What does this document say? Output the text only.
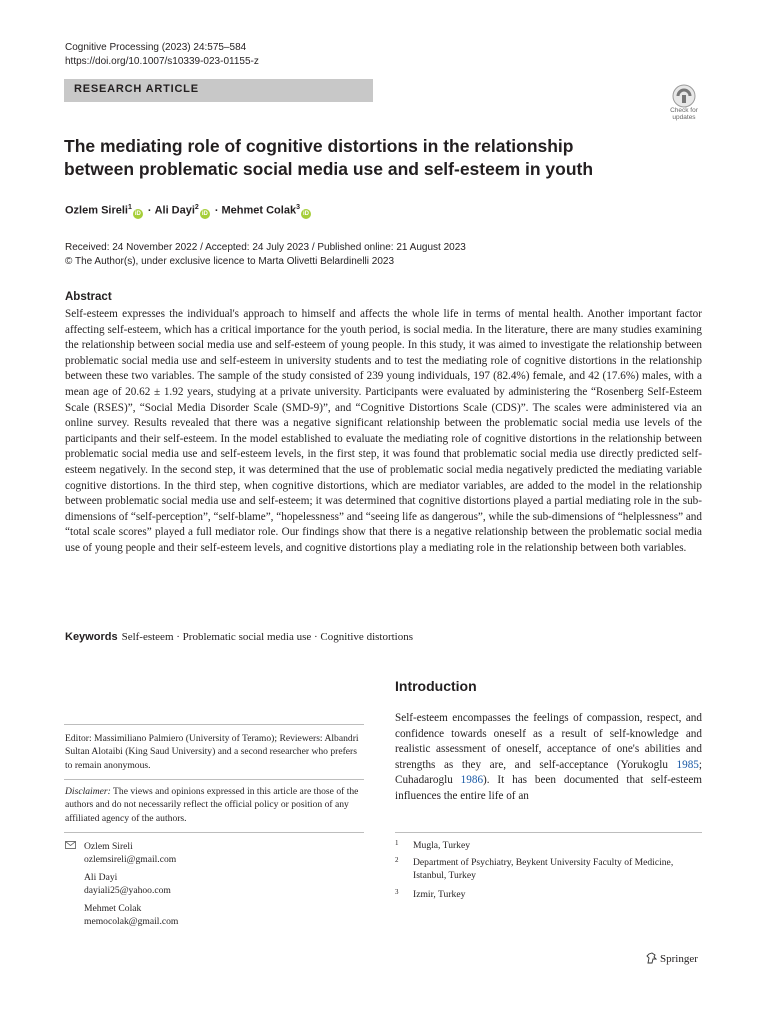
Cognitive Processing (2023) 24:575–584
https://doi.org/10.1007/s10339-023-01155-z
RESEARCH ARTICLE
Check for
updates
The mediating role of cognitive distortions in the relationship
between problematic social media use and self-esteem in youth
Ozlem Sireli$^1$iD · Ali Dayi$^2$iD · Mehmet Colak$^3$iD
Received: 24 November 2022 / Accepted: 24 July 2023 / Published online: 21 August 2023
© The Author(s), under exclusive licence to Marta Olivetti Belardinelli 2023
Abstract
Self-esteem expresses the individual's approach to himself and affects the whole life in terms of mental health. Another important factor affecting self-esteem, which has a critical importance for the youth period, is social media. In the literature, there are many studies examining the relationship between social media use and self-esteem of young people. In this study, it was aimed to investigate the relationship between problematic social media use and self-esteem in university students and to test the mediating role of cognitive distortions in the relationship between these two variables. The sample of the study consisted of 239 young individuals, 197 (82.4%) female, and 42 (17.6%) males, with a mean age of 20.62 ± 1.92 years, studying at a private university. Participants were evaluated by administering the “Rosenberg Self-Esteem Scale (RSES)”, “Social Media Disorder Scale (SMD-9)”, and “Cognitive Distortions Scale (CDS)”. The scales were administered via an online survey. Results revealed that there was a negative significant relationship between the problematic social media use levels of the participants and their self-esteem. In the model established to evaluate the mediating role of cognitive distortions in the relationship between problematic social media use and self-esteem levels, in the first step, it was found that problematic social media use directly predicted self-esteem negatively. In the second step, it was determined that the use of problematic social media negatively predicted the mediating variable cognitive distortions. In the third step, when cognitive distortions, which are mediator variables, are added to the model in the relationship between problematic social media use and self-esteem; it was determined that cognitive distortions played a partial mediating role in the sub-dimensions of “self-perception”, “self-blame”, “hopelessness” and “seeing life as dangerous”, while the sub-dimensions of “helplessness” and “total scale scores” played a full mediator role. Our findings show that there is a negative relationship between the problematic social media use of young people and their self-esteem levels, and cognitive distortions play a mediating role in the relationship between both variables.
Keywords Self-esteem · Problematic social media use · Cognitive distortions
Introduction
Self-esteem encompasses the feelings of compassion, respect, and confidence towards oneself as a result of self-knowledge and realistic assessment of oneself, acceptance of one's abilities and strengths as they are, and self-acceptance (Yorukoglu 1985; Cuhadaroglu 1986). It has been documented that self-esteem influences the entire life of an
Editor: Massimiliano Palmiero (University of Teramo); Reviewers: Albandri Sultan Alotaibi (King Saud University) and a second researcher who prefers to remain anonymous.
Disclaimer: The views and opinions expressed in this article are those of the authors and do not necessarily reflect the official policy or position of any affiliated agency of the authors.
Ozlem Sireli
ozlemsireli@gmail.com
Ali Dayi
dayiali25@yahoo.com
Mehmet Colak
memocolak@gmail.com
1 Mugla, Turkey
2 Department of Psychiatry, Beykent University Faculty of Medicine, Istanbul, Turkey
3 Izmir, Turkey
Springer
